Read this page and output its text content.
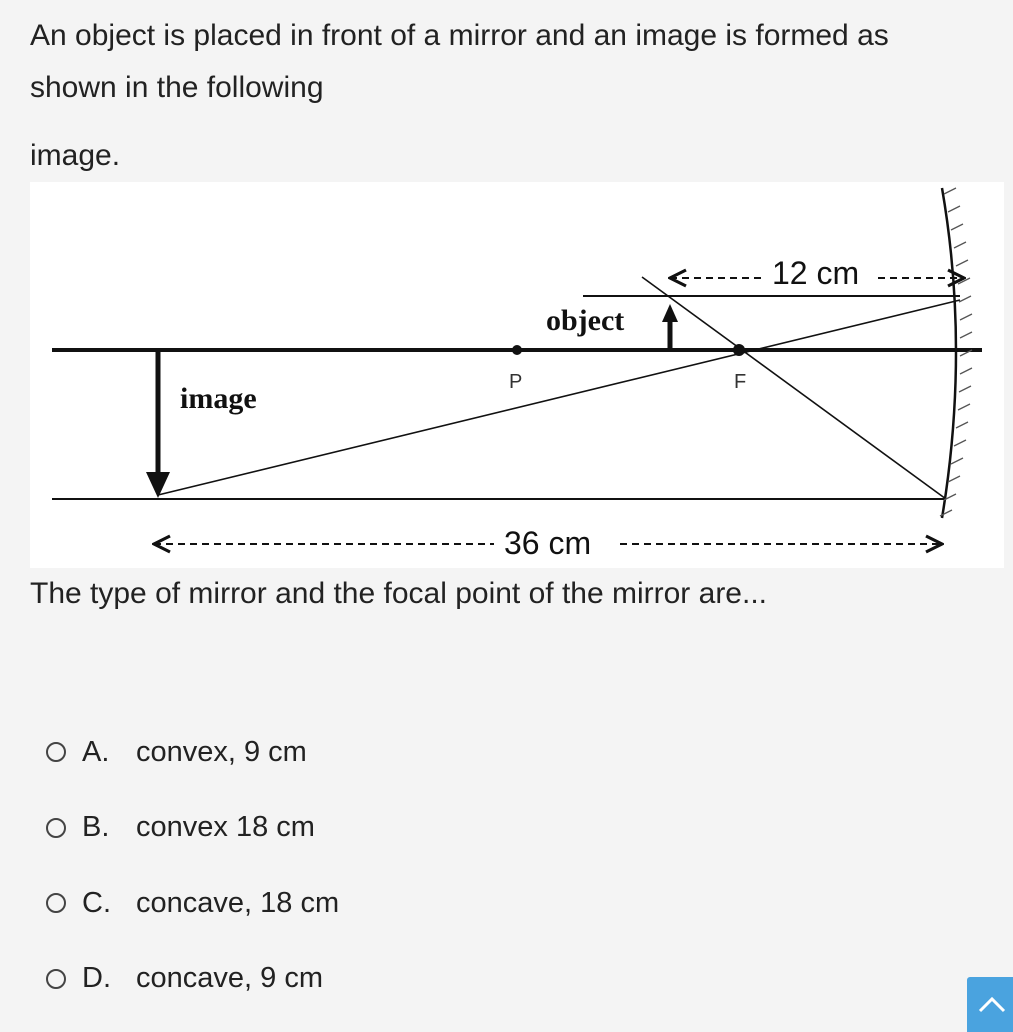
An object is placed in front of a mirror and an image is formed as
shown in the following
image.
12 cm
36 cm
object
image	P	F
The type of mirror and the focal point of the mirror are...
A. convex, 9 cm
B. convex 18 cm
C. concave, 18 cm
D. concave, 9 cm
